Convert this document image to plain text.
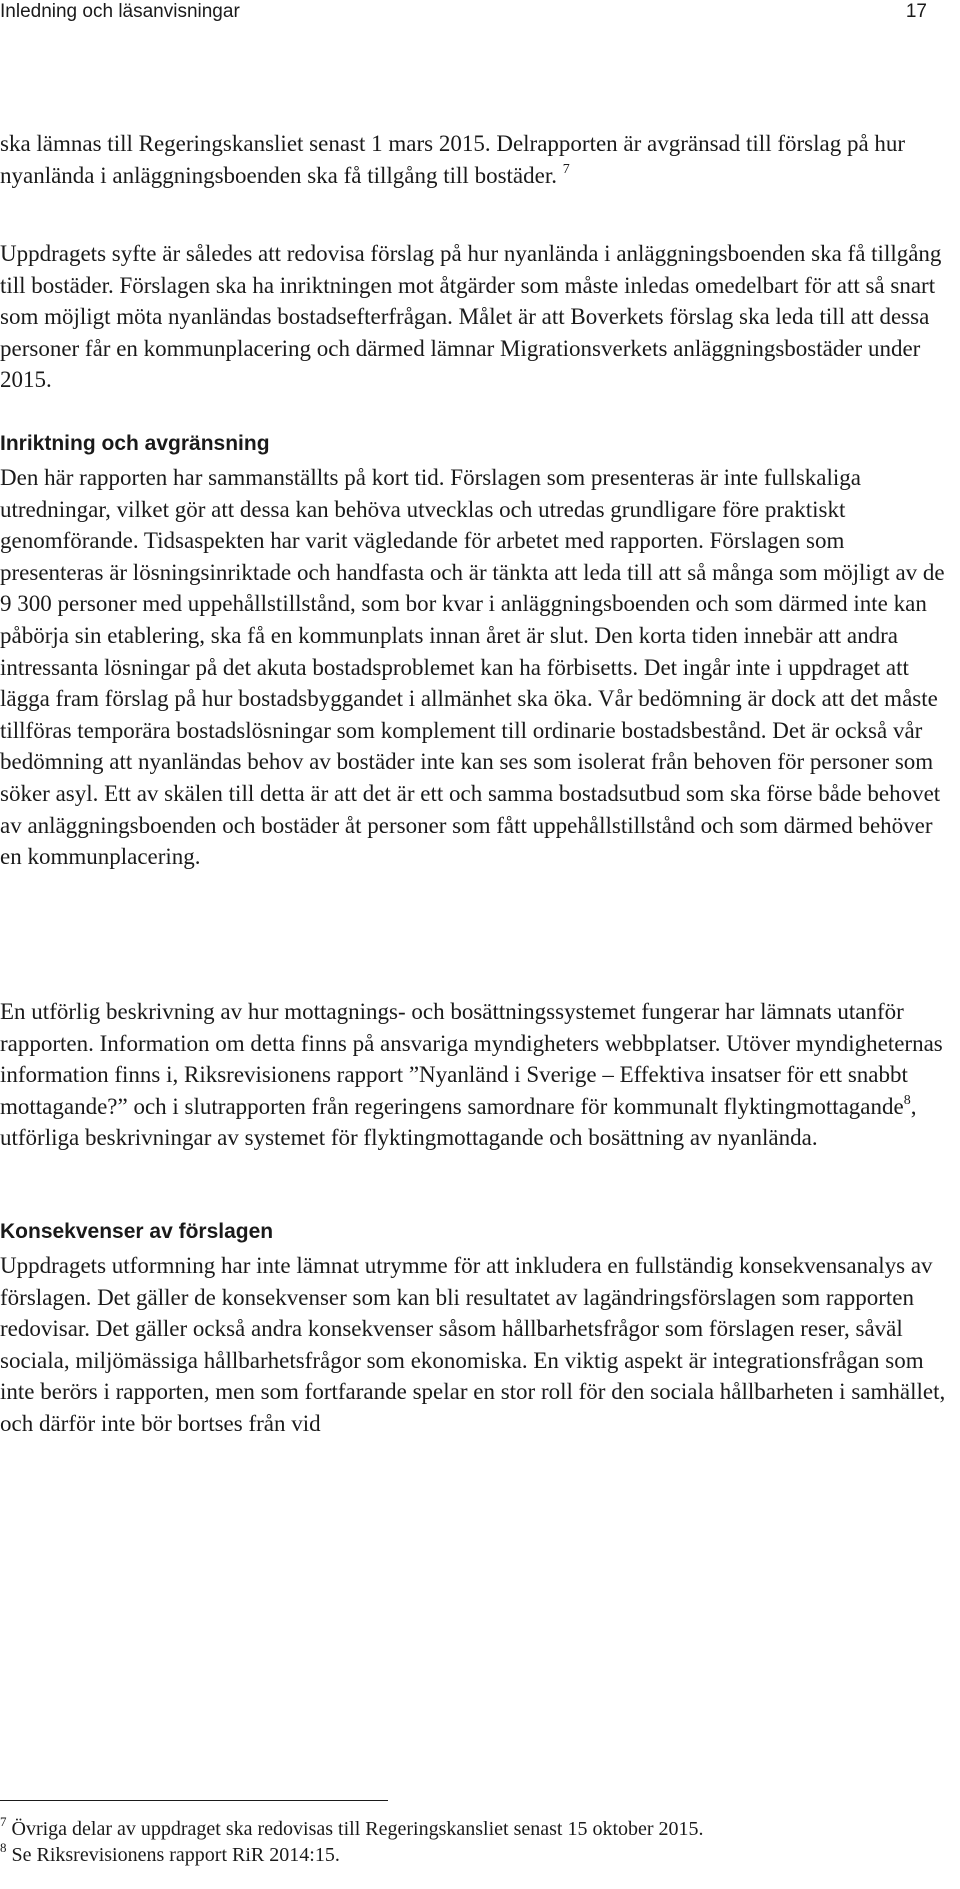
Inledning och läsanvisningar	17

ska lämnas till Regeringskansliet senast 1 mars 2015. Delrapporten är avgränsad till förslag på hur nyanlända i anläggningsboenden ska få tillgång till bostäder. $^7$

Uppdragets syfte är således att redovisa förslag på hur nyanlända i anläggningsboenden ska få tillgång till bostäder. Förslagen ska ha inriktningen mot åtgärder som måste inledas omedelbart för att så snart som möjligt möta nyanländas bostadsefterfrågan. Målet är att Boverkets förslag ska leda till att dessa personer får en kommunplacering och därmed lämnar Migrationsverkets anläggningsbostäder under 2015.

Inriktning och avgränsning

Den här rapporten har sammanställts på kort tid. Förslagen som presenteras är inte fullskaliga utredningar, vilket gör att dessa kan behöva utvecklas och utredas grundligare före praktiskt genomförande. Tidsaspekten har varit vägledande för arbetet med rapporten. Förslagen som presenteras är lösningsinriktade och handfasta och är tänkta att leda till att så många som möjligt av de 9 300 personer med uppehållstillstånd, som bor kvar i anläggningsboenden och som därmed inte kan påbörja sin etablering, ska få en kommunplats innan året är slut. Den korta tiden innebär att andra intressanta lösningar på det akuta bostadsproblemet kan ha förbisetts. Det ingår inte i uppdraget att lägga fram förslag på hur bostadsbyggandet i allmänhet ska öka. Vår bedömning är dock att det måste tillföras temporära bostadslösningar som komplement till ordinarie bostadsbestånd. Det är också vår bedömning att nyanländas behov av bostäder inte kan ses som isolerat från behoven för personer som söker asyl. Ett av skälen till detta är att det är ett och samma bostadsutbud som ska förse både behovet av anläggningsboenden och bostäder åt personer som fått uppehållstillstånd och som därmed behöver en kommunplacering.

En utförlig beskrivning av hur mottagnings- och bosättningssystemet fungerar har lämnats utanför rapporten. Information om detta finns på ansvariga myndigheters webbplatser. Utöver myndigheternas information finns i, Riksrevisionens rapport ”Nyanländ i Sverige – Effektiva insatser för ett snabbt mottagande?” och i slutrapporten från regeringens samordnare för kommunalt flyktingmottagande$^8$, utförliga beskrivningar av systemet för flyktingmottagande och bosättning av nyanlända.

Konsekvenser av förslagen

Uppdragets utformning har inte lämnat utrymme för att inkludera en fullständig konsekvensanalys av förslagen. Det gäller de konsekvenser som kan bli resultatet av lagändringsförslagen som rapporten redovisar. Det gäller också andra konsekvenser såsom hållbarhetsfrågor som förslagen reser, såväl sociala, miljömässiga hållbarhetsfrågor som ekonomiska. En viktig aspekt är integrationsfrågan som inte berörs i rapporten, men som fortfarande spelar en stor roll för den sociala hållbarheten i samhället, och därför inte bör bortses från vid

$^7$ Övriga delar av uppdraget ska redovisas till Regeringskansliet senast 15 oktober 2015.

$^8$ Se Riksrevisionens rapport RiR 2014:15.
